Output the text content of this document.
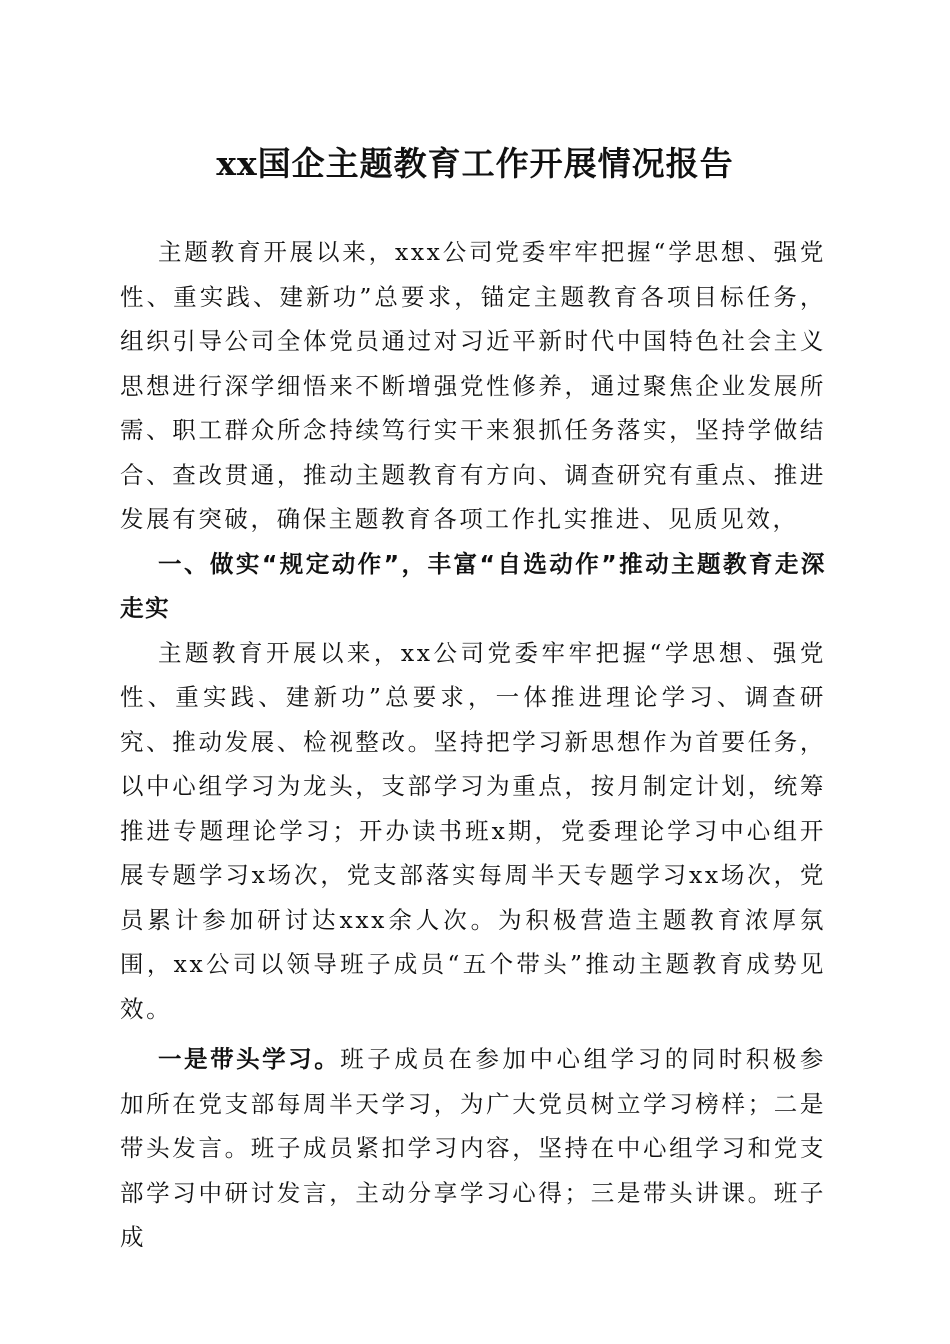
xx国企主题教育工作开展情况报告

主题教育开展以来，xxx公司党委牢牢把握“学思想、强党性、重实践、建新功”总要求，锚定主题教育各项目标任务，组织引导公司全体党员通过对习近平新时代中国特色社会主义思想进行深学细悟来不断增强党性修养，通过聚焦企业发展所需、职工群众所念持续笃行实干来狠抓任务落实，坚持学做结合、查改贯通，推动主题教育有方向、调查研究有重点、推进发展有突破，确保主题教育各项工作扎实推进、见质见效，

一、做实“规定动作”，丰富“自选动作”推动主题教育走深走实

主题教育开展以来，xx公司党委牢牢把握“学思想、强党性、重实践、建新功”总要求，一体推进理论学习、调查研究、推动发展、检视整改。坚持把学习新思想作为首要任务，以中心组学习为龙头，支部学习为重点，按月制定计划，统筹推进专题理论学习；开办读书班x期，党委理论学习中心组开展专题学习x场次，党支部落实每周半天专题学习xx场次，党员累计参加研讨达xxx余人次。为积极营造主题教育浓厚氛围，xx公司以领导班子成员“五个带头”推动主题教育成势见效。

一是带头学习。班子成员在参加中心组学习的同时积极参加所在党支部每周半天学习，为广大党员树立学习榜样；二是带头发言。班子成员紧扣学习内容，坚持在中心组学习和党支部学习中研讨发言，主动分享学习心得；三是带头讲课。班子成
